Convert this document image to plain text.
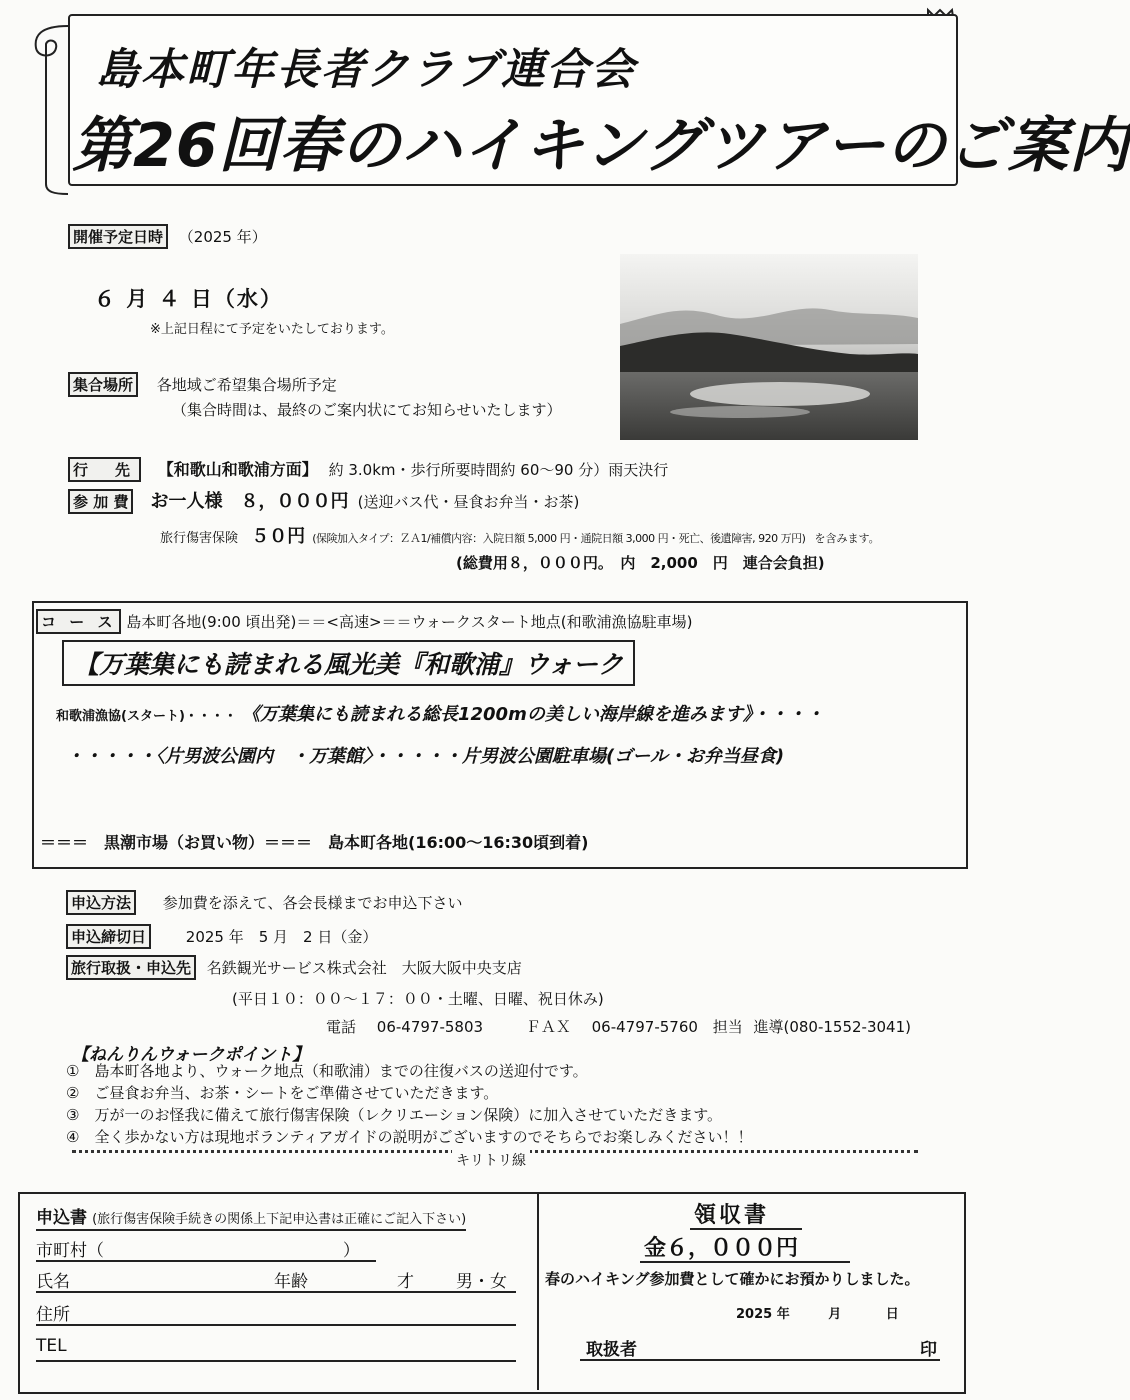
島本町年長者クラブ連合会
第26回春のハイキングツアーのご案内
開催予定日時 （2025 年）
６ 月 ４ 日（水）
※上記日程にて予定をいたしております。
集合場所 各地域ご希望集合場所予定
（集合時間は、最終のご案内状にてお知らせいたします）
行　先 【和歌山和歌浦方面】 約 3.0km・歩行所要時間約 60〜90 分）雨天決行
参 加 費 お一人様　８，０００円 (送迎バス代・昼食お弁当・お茶)
旅行傷害保険 ５０円 (保険加入タイプ：ＺＡ1/補償内容：入院日額 5,000 円・通院日額 3,000 円・死亡、後遺障害, 920 万円) を含みます。
(総費用８，０００円。　内　2,000　円　連合会負担)
コ ー ス 島本町各地(9:00 頃出発)＝＝<高速>＝＝ウォークスタート地点(和歌浦漁協駐車場)
【万葉集にも読まれる風光美『和歌浦』ウォーク
和歌浦漁協(スタート)・・・・ 《万葉集にも読まれる総長1200mの美しい海岸線を進みます》・・・・
・・・・・〈片男波公園内　・万葉館〉・・・・・片男波公園駐車場(ゴール・お弁当昼食)
＝＝＝　黒潮市場（お買い物）＝＝＝　島本町各地(16:00〜16:30頃到着)
申込方法 参加費を添えて、各会長様までお申込下さい
申込締切日	2025 年　5 月　2 日（金）
旅行取扱・申込先 名鉄観光サービス株式会社　大阪大阪中央支店
(平日１０：００〜１７：００・土曜、日曜、祝日休み)
電話 06-4797-5803	ＦＡＸ 06-4797-5760 担当 進導(080-1552-3041)
【ねんりんウォークポイント】
①　島本町各地より、ウォーク地点（和歌浦）までの往復バスの送迎付です。
②　ご昼食お弁当、お茶・シートをご準備させていただきます。
③　万が一のお怪我に備えて旅行傷害保険（レクリエーション保険）に加入させていただきます。
④　全く歩かない方は現地ボランティアガイドの説明がございますのでそちらでお楽しみください！！
キリトリ線
申込書 (旅行傷害保険手続きの関係上下記申込書は正確にご記入下さい)
市町村（	）
氏名	年齢	才 男・女
住所
TEL
領収書
金６，０００円
春のハイキング参加費として確かにお預かりしました。
2025 年	月	日
取扱者	印
